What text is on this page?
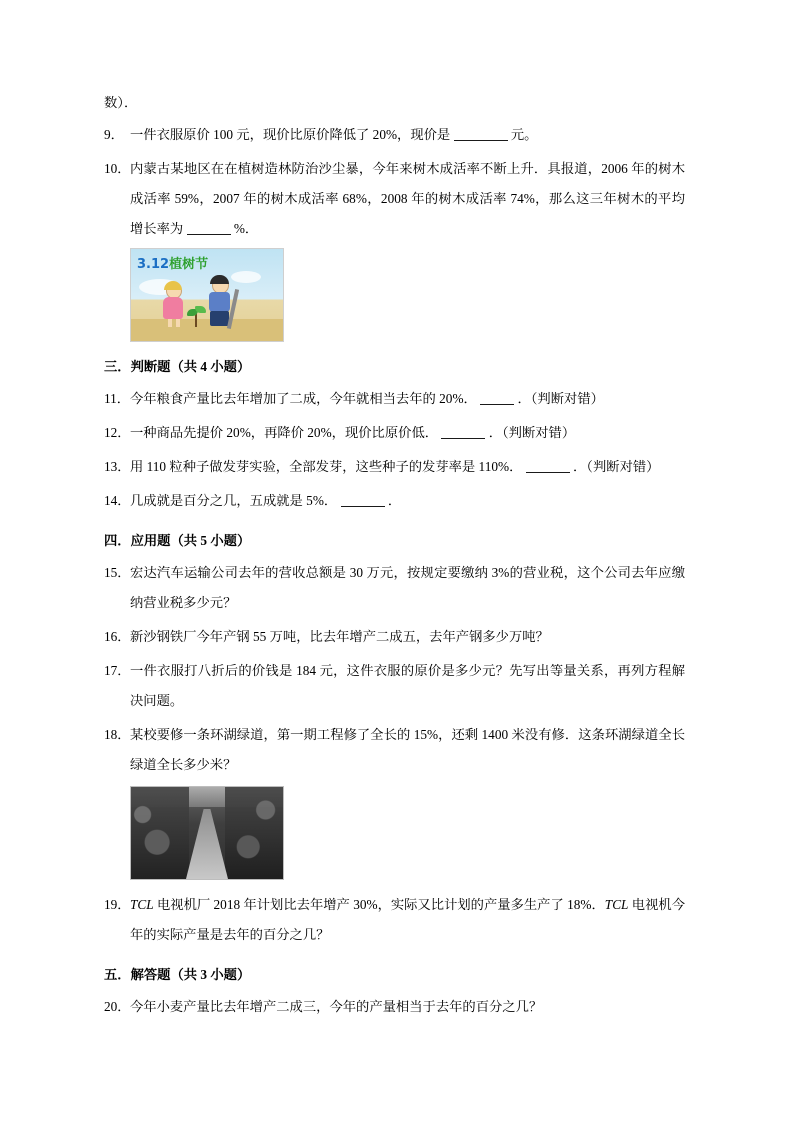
数）．
9． 一件衣服原价 100 元，现价比原价降低了 20%，现价是	元。
10． 内蒙古某地区在在植树造林防治沙尘暴，今年来树木成活率不断上升．具报道，2006 年的树木成活率 59%，2007 年的树木成活率 68%，2008 年的树木成活率 74%，那么这三年树木的平均增长率为	%．
3.12植树节
三．判断题（共 4 小题）
11． 今年粮食产量比去年增加了二成，今年就相当去年的 20%．	．（判断对错）
12． 一种商品先提价 20%，再降价 20%，现价比原价低．	．（判断对错）
13． 用 110 粒种子做发芽实验，全部发芽，这些种子的发芽率是 110%．	．（判断对错）
14． 几成就是百分之几，五成就是 5%．	．
四．应用题（共 5 小题）
15． 宏达汽车运输公司去年的营收总额是 30 万元，按规定要缴纳 3%的营业税，这个公司去年应缴纳营业税多少元？
16． 新沙钢铁厂今年产钢 55 万吨，比去年增产二成五，去年产钢多少万吨？
17． 一件衣服打八折后的价钱是 184 元，这件衣服的原价是多少元？先写出等量关系，再列方程解决问题。
18． 某校要修一条环湖绿道，第一期工程修了全长的 15%，还剩 1400 米没有修．这条环湖绿道全长绿道全长多少米？
19． TCL 电视机厂 2018 年计划比去年增产 30%，实际又比计划的产量多生产了 18%．TCL 电视机今年的实际产量是去年的百分之几？
五．解答题（共 3 小题）
20． 今年小麦产量比去年增产二成三，今年的产量相当于去年的百分之几？
